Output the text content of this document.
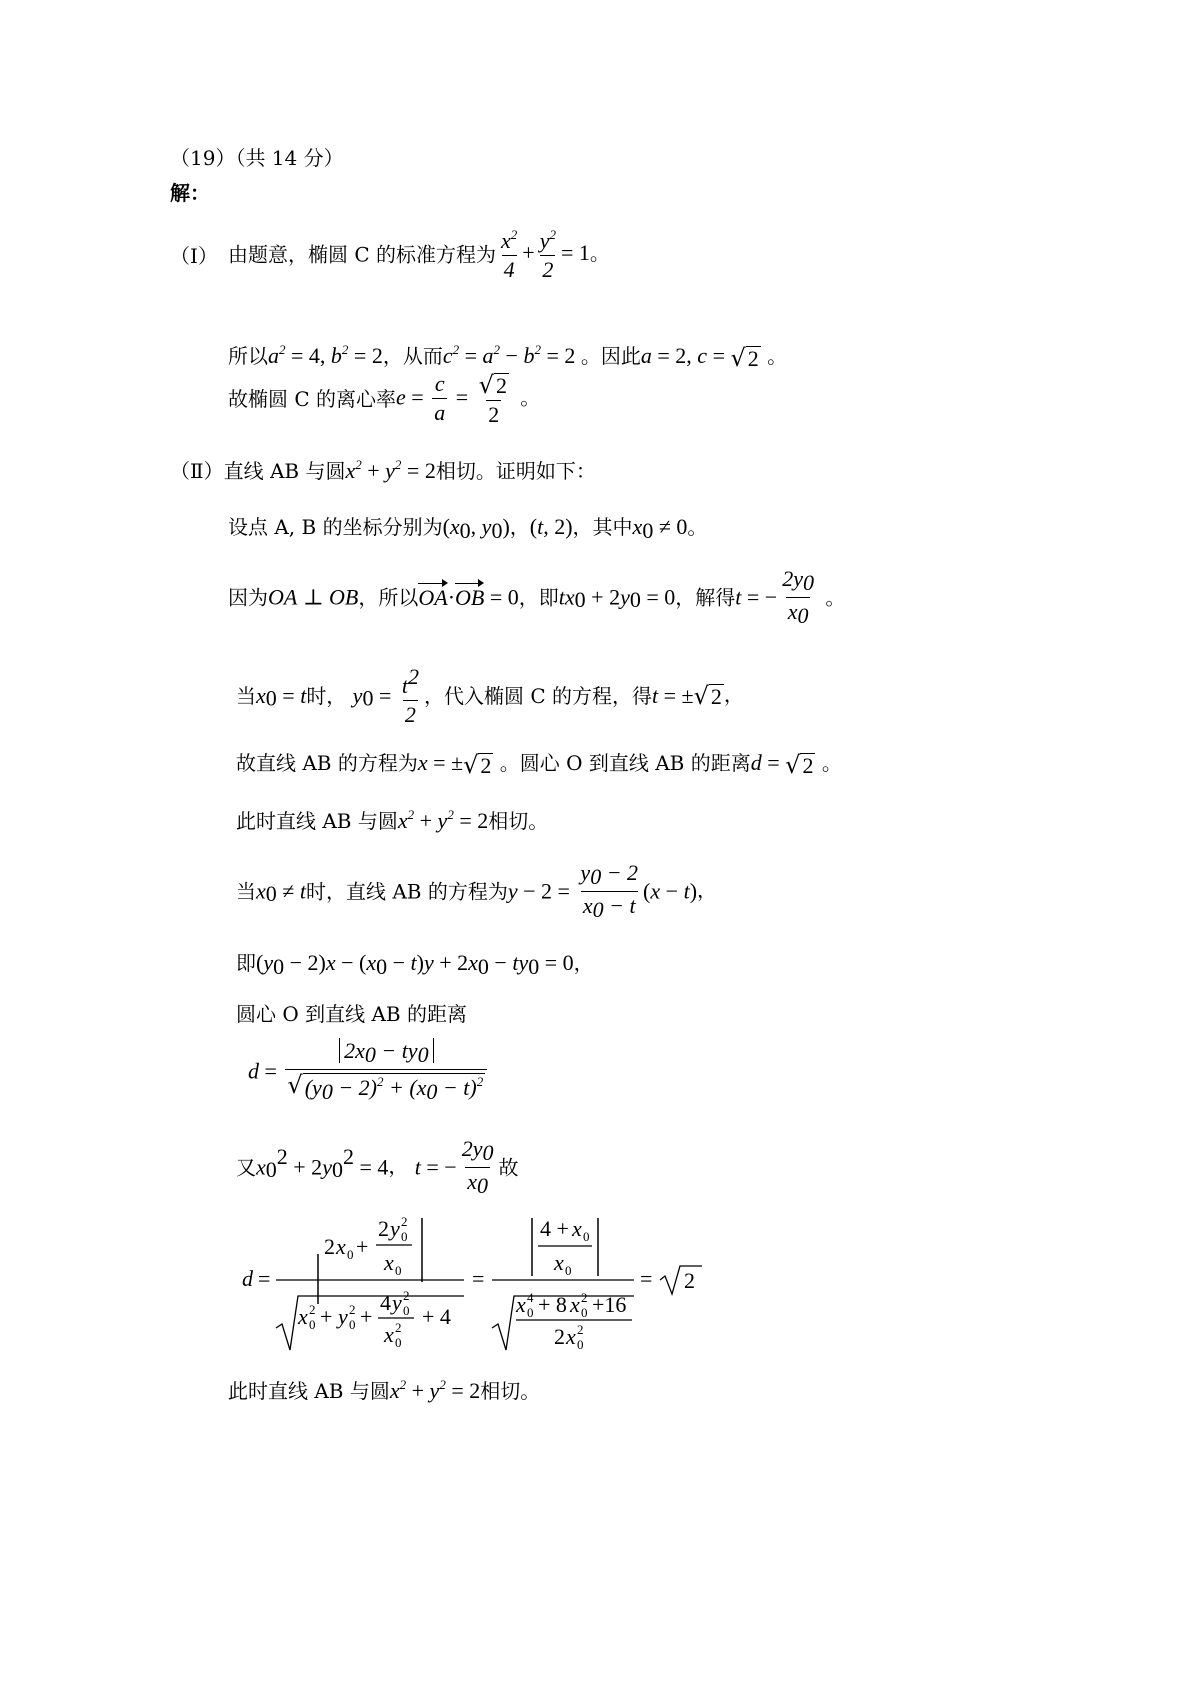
（19）（共 14 分）
解：
（I） 由题意，椭圆 C 的标准方程为 $\frac{x^2}{4} + \frac{y^2}{2} = 1$。
所以$a^2 = 4$, $b^2 = 2$，从而$c^2 = a^2 - b^2 = 2$ 。因此a = 2, c = √ 2 。
故椭圆 C 的离心率$e = \frac{c}{a} = \frac{√ 2}{2}$ 。
（Ⅱ）直线 AB 与圆$x^2 + y^2 = 2$相切。证明如下：
设点 A, B 的坐标分别为($x_0$, $y_0$)，(t, 2)，其中$x_0 \ne 0$。
因为OA ⊥ OB，所以OA·OB = 0，即$tx_0 + 2y_0 = 0$，解得t = − $\frac{2y_0}{x_0}$ 。
当$x_0 = t$时， $y_0 = \frac{t^2}{2}$ ，代入椭圆 C 的方程，得t = ± √ 2 ，
故直线 AB 的方程为x = ± √ 2 。圆心 O 到直线 AB 的距离d = √ 2 。
此时直线 AB 与圆$x^2 + y^2 = 2$相切。
当$x_0 \ne t$时，直线 AB 的方程为$y - 2 = \frac{y_0 - 2}{x_0 - t} (x - t)$，
即$(y_0 - 2)x - (x_0 - t)y + 2x_0 - ty_0 = 0$，
圆心 O 到直线 AB 的距离
$d = \frac{2x_0 - ty_0}{√ (y_0 - 2)^2 + (x_0 - t)^2}$
又$x_0^2 + 2y_0^2 = 4$， t = − $\frac{2y_0}{x_0}$ 故
d =
2 x 0 +
2 y 0
2
x 0
x 0
2 + y 0
2 +
4 y 0
2
x 0
2 + 4
=
4 + x 0
x 0
x 0
4 + 8 x 0
2 +16
2 x 0
2
= 2
此时直线 AB 与圆$x^2 + y^2 = 2$相切。
